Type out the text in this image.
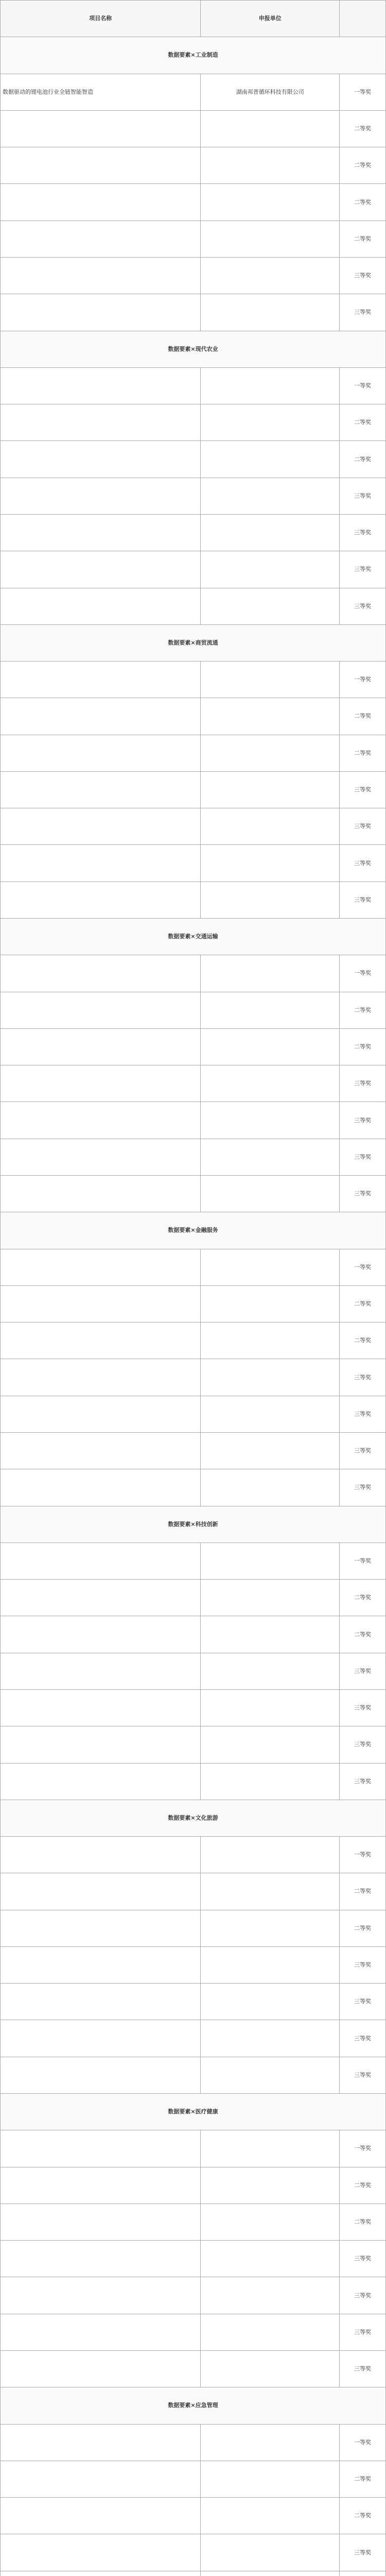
项目名称	申报单位	
数据要素×工业制造		
数据驱动的锂电池行业全链智能智造	湖南邦普循环科技有限公司	一等奖
		二等奖
		二等奖
		二等奖
		二等奖
		三等奖
		三等奖
数据要素×现代农业		
		一等奖
		二等奖
		二等奖
		三等奖
		三等奖
		三等奖
		三等奖
数据要素×商贸流通		
		一等奖
		二等奖
		二等奖
		三等奖
		三等奖
		三等奖
		三等奖
数据要素×交通运输		
		一等奖
		二等奖
		二等奖
		三等奖
		三等奖
		三等奖
		三等奖
数据要素×金融服务		
		一等奖
		二等奖
		二等奖
		三等奖
		三等奖
		三等奖
		三等奖
数据要素×科技创新		
		一等奖
		二等奖
		二等奖
		三等奖
		三等奖
		三等奖
		三等奖
数据要素×文化旅游		
		一等奖
		二等奖
		二等奖
		三等奖
		三等奖
		三等奖
		三等奖
数据要素×医疗健康		
		一等奖
		二等奖
		二等奖
		三等奖
		三等奖
		三等奖
		三等奖
数据要素×应急管理		
		一等奖
		二等奖
		二等奖
		三等奖
